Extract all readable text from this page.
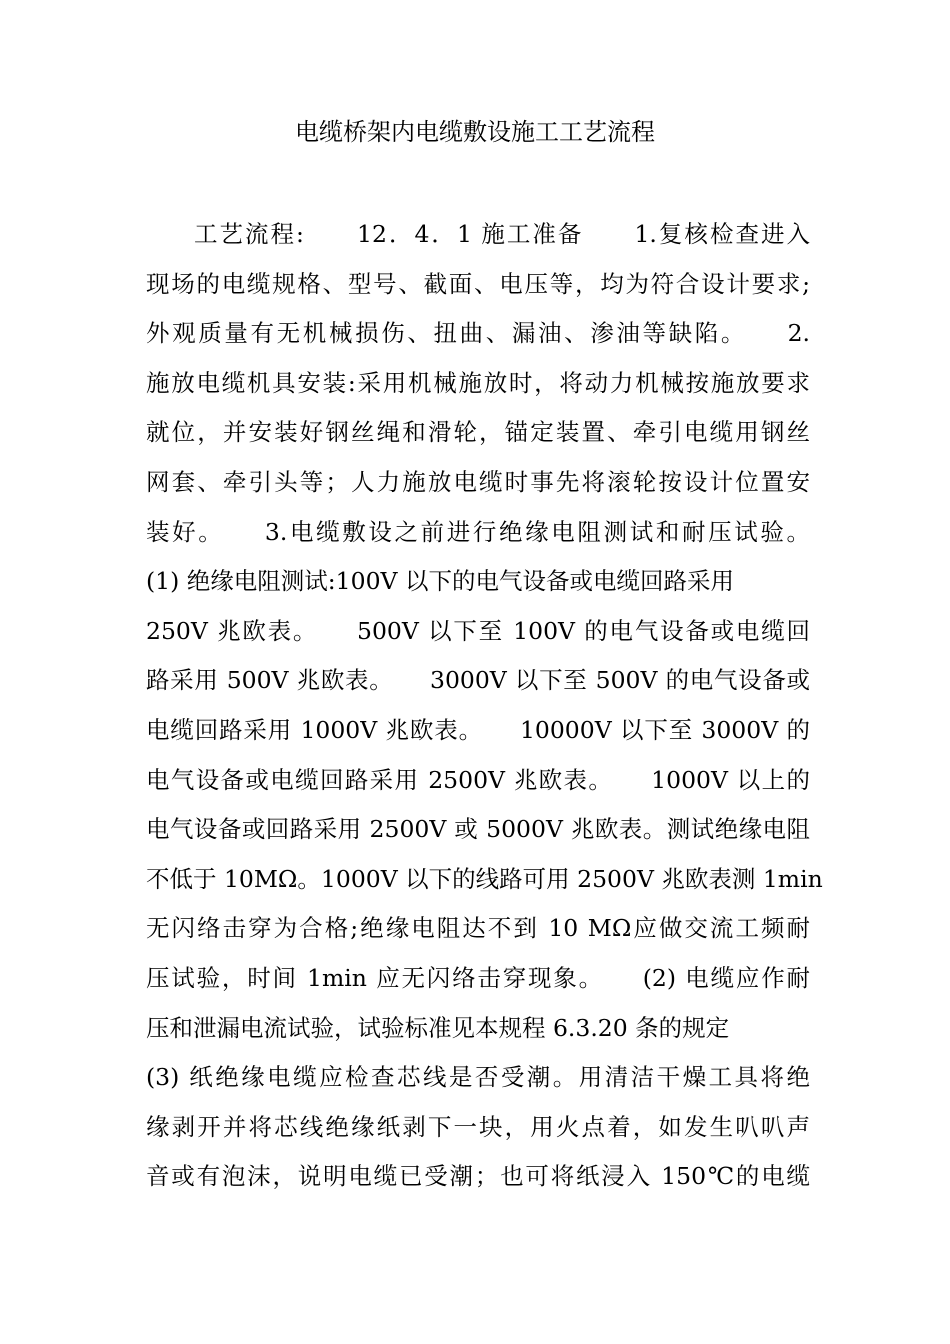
电缆桥架内电缆敷设施工工艺流程
工艺流程:　　12．4．1 施工准备　　1.复核检查进入
现场的电缆规格、型号、截面、电压等，均为符合设计要求;
外观质量有无机械损伤、扭曲、漏油、渗油等缺陷。　　2.
施放电缆机具安装:采用机械施放时，将动力机械按施放要求
就位，并安装好钢丝绳和滑轮，锚定装置、牵引电缆用钢丝
网套、牵引头等；人力施放电缆时事先将滚轮按设计位置安
装好。　　3.电缆敷设之前进行绝缘电阻测试和耐压试验。
(1) 绝缘电阻测试:100V 以下的电气设备或电缆回路采用
250V 兆欧表。　　500V 以下至 100V 的电气设备或电缆回
路采用 500V 兆欧表。　　3000V 以下至 500V 的电气设备或
电缆回路采用 1000V 兆欧表。　　10000V 以下至 3000V 的
电气设备或电缆回路采用 2500V 兆欧表。　　1000V 以上的
电气设备或回路采用 2500V 或 5000V 兆欧表。测试绝缘电阻
不低于 10MΩ。1000V 以下的线路可用 2500V 兆欧表测 1min
无闪络击穿为合格;绝缘电阻达不到 10 MΩ应做交流工频耐
压试验，时间 1min 应无闪络击穿现象。　　(2) 电缆应作耐
压和泄漏电流试验，试验标准见本规程 6.3.20 条的规定
(3) 纸绝缘电缆应检查芯线是否受潮。用清洁干燥工具将绝
缘剥开并将芯线绝缘纸剥下一块，用火点着，如发生叭叭声
音或有泡沫，说明电缆已受潮；也可将纸浸入 150℃的电缆
